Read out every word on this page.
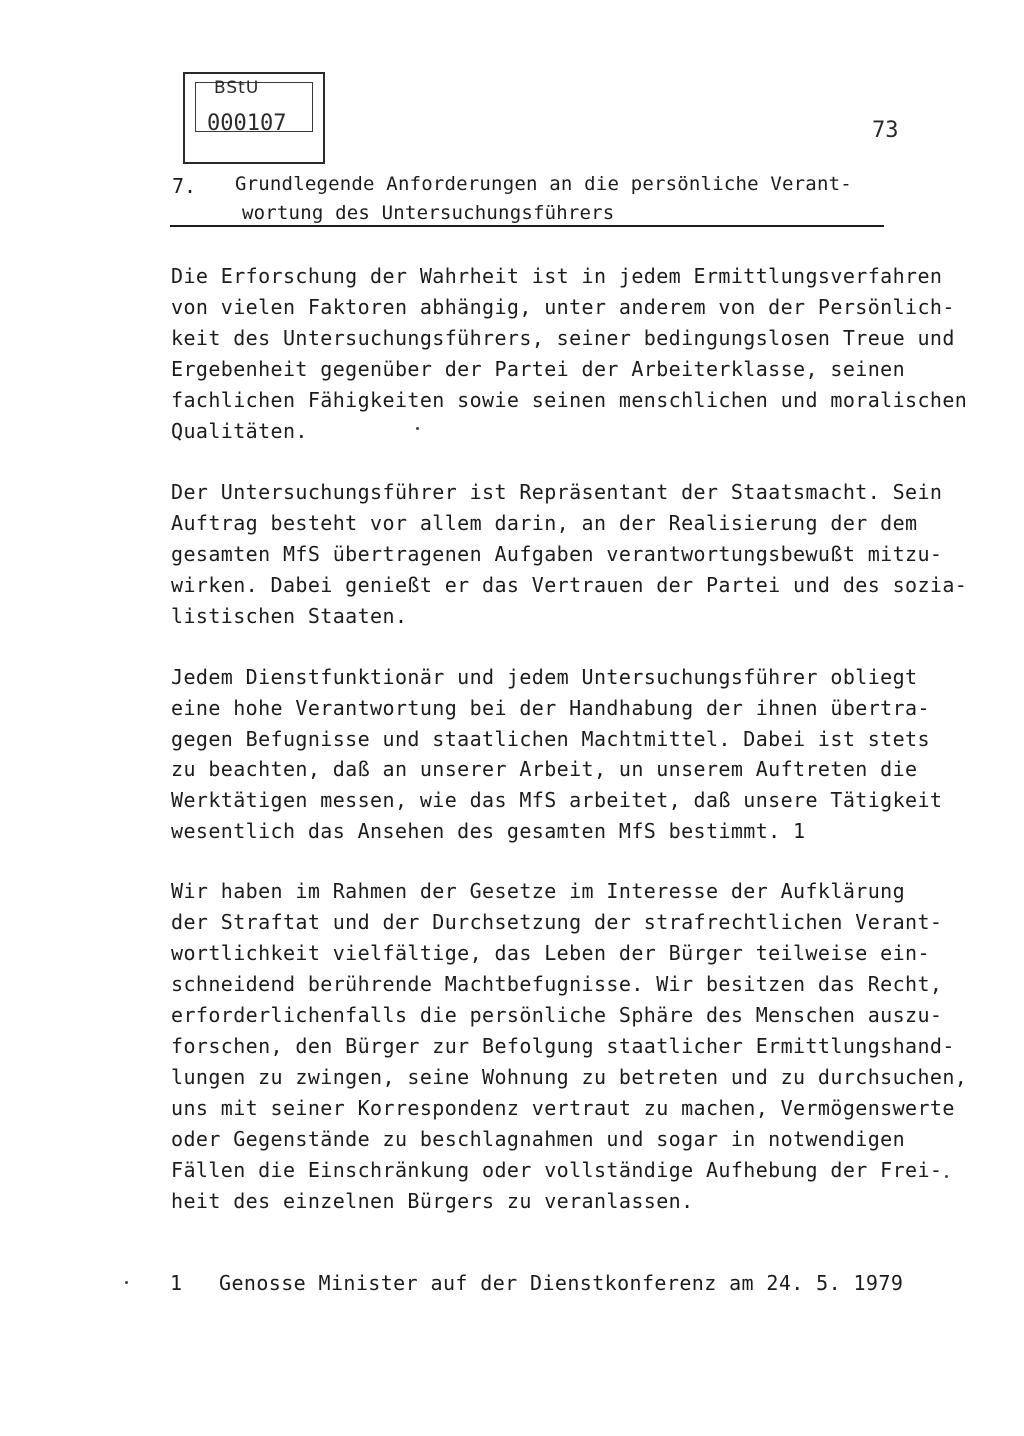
BStU
000107	73
7. Grundlegende Anforderungen an die persönliche Verant-
wortung des Untersuchungsführers
Die Erforschung der Wahrheit ist in jedem Ermittlungsverfahren
von vielen Faktoren abhängig, unter anderem von der Persönlich-
keit des Untersuchungsführers, seiner bedingungslosen Treue und
Ergebenheit gegenüber der Partei der Arbeiterklasse, seinen
fachlichen Fähigkeiten sowie seinen menschlichen und moralischen
Qualitäten.
Der Untersuchungsführer ist Repräsentant der Staatsmacht. Sein
Auftrag besteht vor allem darin, an der Realisierung der dem
gesamten MfS übertragenen Aufgaben verantwortungsbewußt mitzu-
wirken. Dabei genießt er das Vertrauen der Partei und des sozia-
listischen Staaten.
Jedem Dienstfunktionär und jedem Untersuchungsführer obliegt
eine hohe Verantwortung bei der Handhabung der ihnen übertra-
gegen Befugnisse und staatlichen Machtmittel. Dabei ist stets
zu beachten, daß an unserer Arbeit, un unserem Auftreten die
Werktätigen messen, wie das MfS arbeitet, daß unsere Tätigkeit
wesentlich das Ansehen des gesamten MfS bestimmt. 1
Wir haben im Rahmen der Gesetze im Interesse der Aufklärung
der Straftat und der Durchsetzung der strafrechtlichen Verant-
wortlichkeit vielfältige, das Leben der Bürger teilweise ein-
schneidend berührende Machtbefugnisse. Wir besitzen das Recht,
erforderlichenfalls die persönliche Sphäre des Menschen auszu-
forschen, den Bürger zur Befolgung staatlicher Ermittlungshand-
lungen zu zwingen, seine Wohnung zu betreten und zu durchsuchen,
uns mit seiner Korrespondenz vertraut zu machen, Vermögenswerte
oder Gegenstände zu beschlagnahmen und sogar in notwendigen
Fällen die Einschränkung oder vollständige Aufhebung der Frei-
heit des einzelnen Bürgers zu veranlassen.
1 Genosse Minister auf der Dienstkonferenz am 24. 5. 1979
